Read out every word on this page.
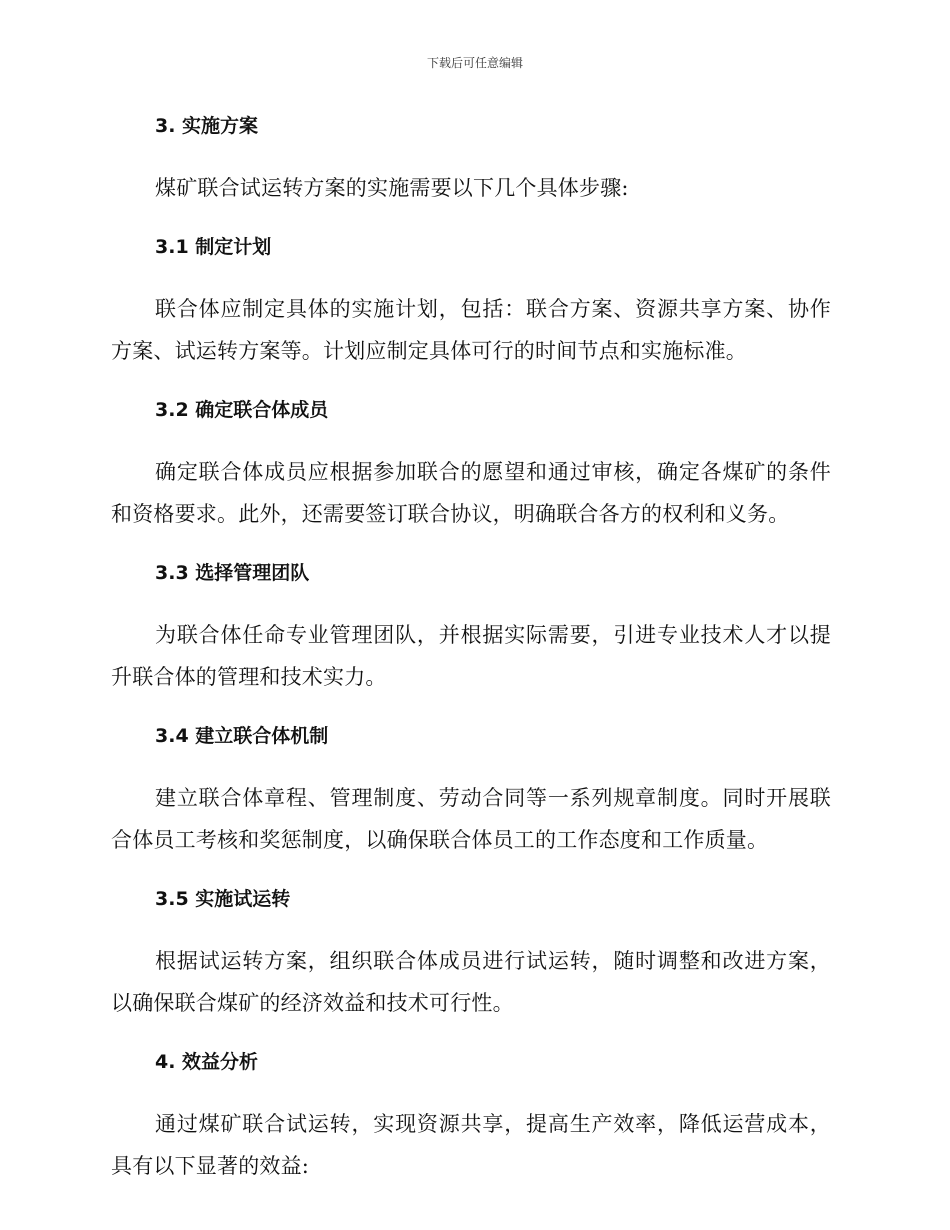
下载后可任意编辑
3. 实施方案

煤矿联合试运转方案的实施需要以下几个具体步骤:

3.1 制定计划

联合体应制定具体的实施计划，包括：联合方案、资源共享方案、协作方案、试运转方案等。计划应制定具体可行的时间节点和实施标准。

3.2 确定联合体成员

确定联合体成员应根据参加联合的愿望和通过审核，确定各煤矿的条件和资格要求。此外，还需要签订联合协议，明确联合各方的权利和义务。

3.3 选择管理团队

为联合体任命专业管理团队，并根据实际需要，引进专业技术人才以提升联合体的管理和技术实力。

3.4 建立联合体机制

建立联合体章程、管理制度、劳动合同等一系列规章制度。同时开展联合体员工考核和奖惩制度，以确保联合体员工的工作态度和工作质量。

3.5 实施试运转

根据试运转方案，组织联合体成员进行试运转，随时调整和改进方案，以确保联合煤矿的经济效益和技术可行性。

4. 效益分析

通过煤矿联合试运转，实现资源共享，提高生产效率，降低运营成本，具有以下显著的效益:
